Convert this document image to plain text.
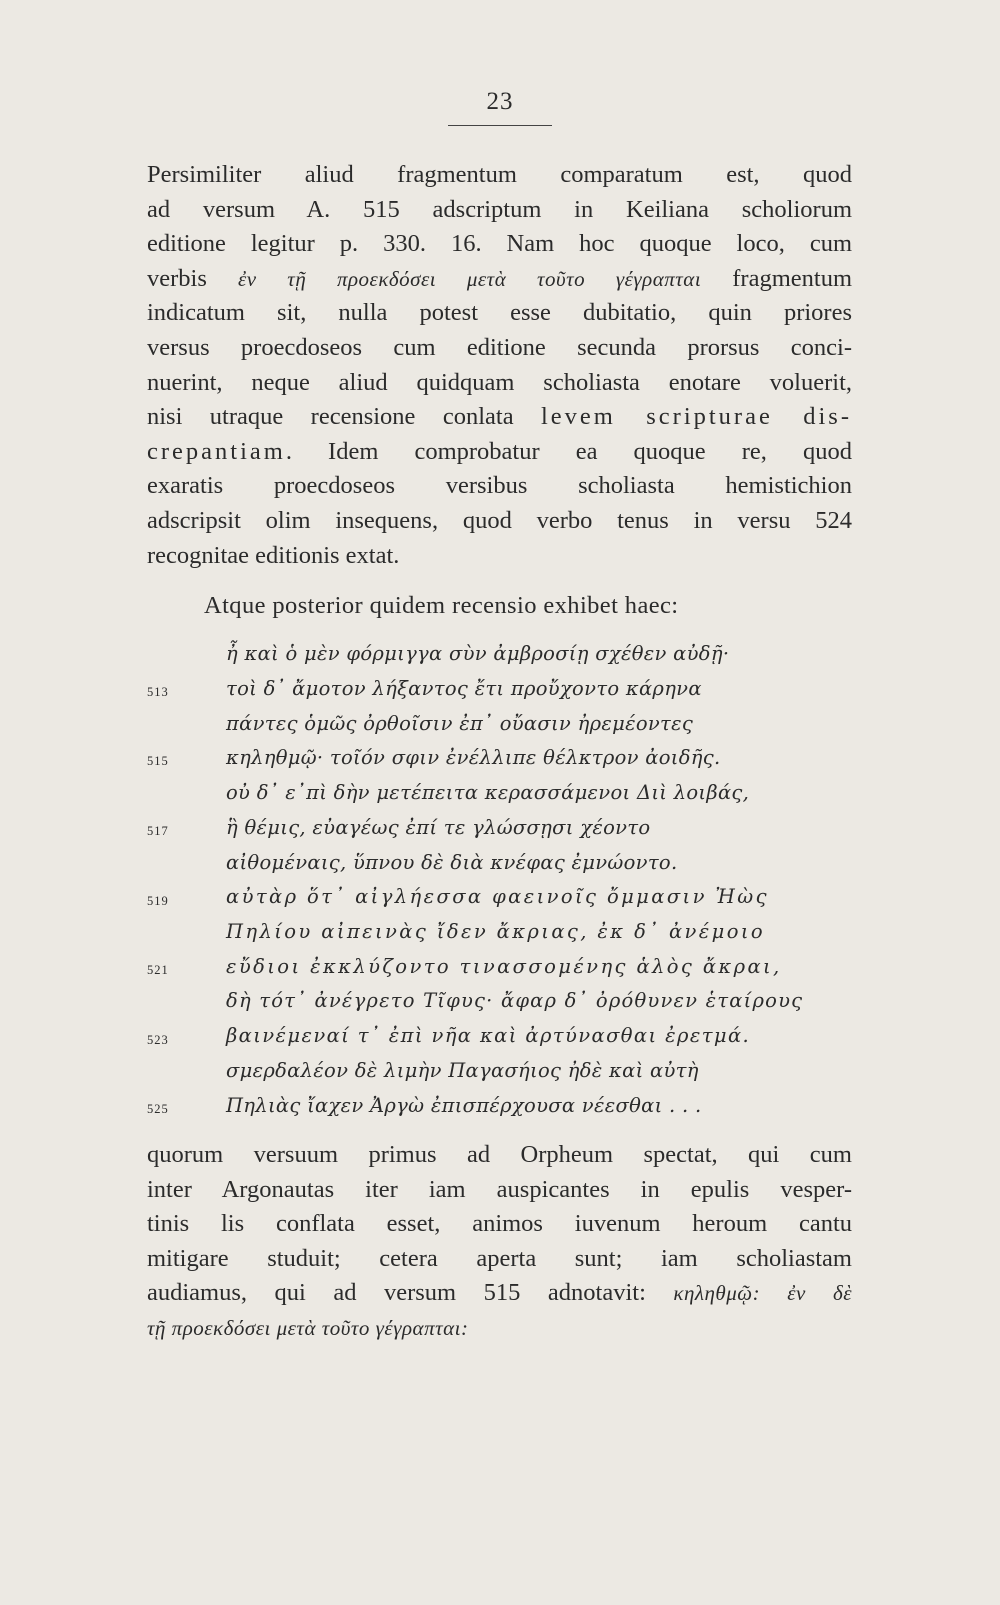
23

Persimiliter aliud fragmentum comparatum est, quod
ad versum A. 515 adscriptum in Keiliana scholiorum
editione legitur p. 330. 16. Nam hoc quoque loco, cum
verbis ἐν τῇ προεκδόσει μετὰ τοῦτο γέγραπται fragmentum
indicatum sit, nulla potest esse dubitatio, quin priores
versus proecdoseos cum editione secunda prorsus conci-
nuerint, neque aliud quidquam scholiasta enotare voluerit,
nisi utraque recensione conlata levem scripturae dis-
crepantiam. Idem comprobatur ea quoque re, quod
exaratis proecdoseos versibus scholiasta hemistichion
adscripsit olim insequens, quod verbo tenus in versu 524
recognitae editionis extat.

Atque posterior quidem recensio exhibet haec:

ἦ καὶ ὁ μὲν φόρμιγγα σὺν ἀμβροσίῃ σχέθεν αὐδῇ·
513	τοὶ δ᾿ ἄμοτον λήξαντος ἔτι προὔχοντο κάρηνα
πάντες ὁμῶς ὀρθοῖσιν ἐπ᾿ οὔασιν ἠρεμέοντες
515	κηληθμῷ· τοῖόν σφιν ἐνέλλιπε θέλκτρον ἀοιδῆς.
οὐ δ᾿ ε᾿πὶ δὴν μετέπειτα κερασσάμενοι Διὶ λοιβάς,
517	ἣ θέμις, εὐαγέως ἐπί τε γλώσσῃσι χέοντο
αἰθομέναις, ὕπνου δὲ διὰ κνέφας ἐμνώοντο.
519	αὐτὰρ ὅτ᾿ αἰγλήεσσα φαεινοῖς ὄμμασιν Ἠὼς
Πηλίου αἰπεινὰς ἴδεν ἄκριας, ἐκ δ᾿ ἀνέμοιο
521	εὔδιοι ἐκκλύζοντο τινασσομένης ἁλὸς ἄκραι,
δὴ τότ᾿ ἀνέγρετο Τῖφυς· ἄφαρ δ᾿ ὀρόθυνεν ἑταίρους
523	βαινέμεναί τ᾿ ἐπὶ νῆα καὶ ἀρτύνασθαι ἐρετμά.
σμερδαλέον δὲ λιμὴν Παγασήιος ἠδὲ καὶ αὐτὴ
525	Πηλιὰς ἴαχεν Ἀργὼ ἐπισπέρχουσα νέεσθαι . . .

quorum versuum primus ad Orpheum spectat, qui cum
inter Argonautas iter iam auspicantes in epulis vesper-
tinis lis conflata esset, animos iuvenum heroum cantu
mitigare studuit; cetera aperta sunt; iam scholiastam
audiamus, qui ad versum 515 adnotavit: κηληθμῷ: ἐν δὲ
τῇ προεκδόσει μετὰ τοῦτο γέγραπται:
